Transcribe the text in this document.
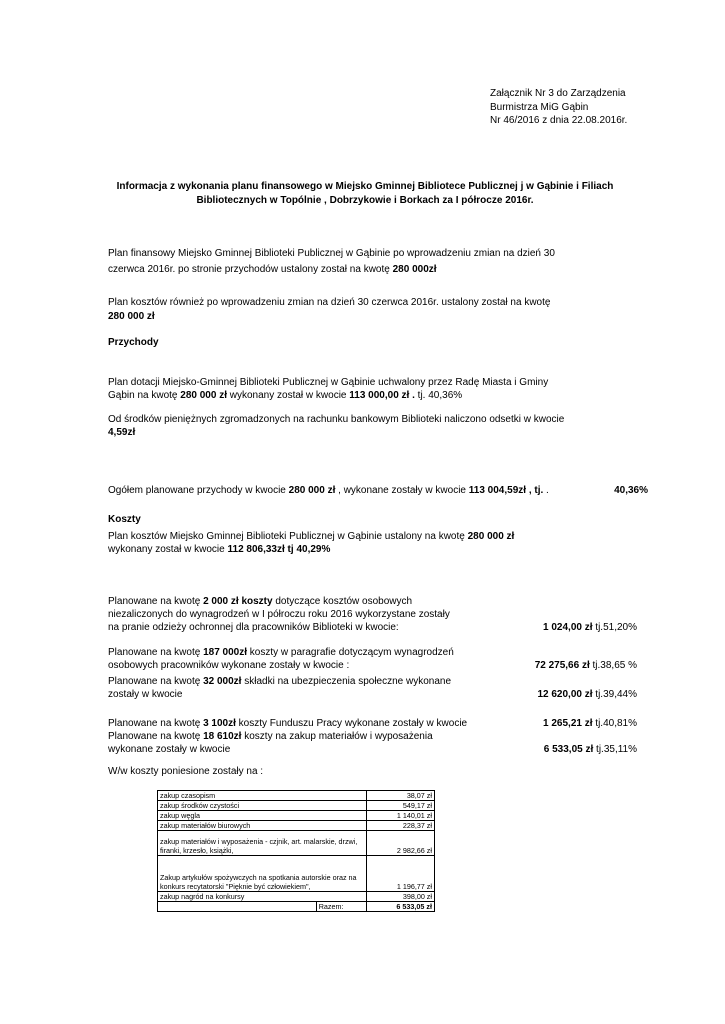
Załącznik Nr 3 do Zarządzenia
Burmistrza MiG Gąbin
Nr 46/2016 z dnia 22.08.2016r.
Informacja z wykonania planu finansowego w Miejsko Gminnej Bibliotece Publicznej j w Gąbinie i Filiach
Bibliotecznych w Topólnie , Dobrzykowie i Borkach za I półrocze 2016r.
Plan finansowy Miejsko Gminnej Biblioteki Publicznej w Gąbinie po wprowadzeniu zmian na dzień 30
czerwca 2016r. po stronie przychodów ustalony został na kwotę 280 000zł
Plan kosztów również po wprowadzeniu zmian na dzień 30 czerwca 2016r. ustalony został na kwotę
280 000 zł
Przychody
Plan dotacji Miejsko-Gminnej Biblioteki Publicznej w Gąbinie uchwalony przez Radę Miasta i Gminy
Gąbin na kwotę 280 000 zł wykonany został w kwocie 113 000,00 zł . tj. 40,36%
Od środków pieniężnych zgromadzonych na rachunku bankowym Biblioteki naliczono odsetki w kwocie
4,59zł
Ogółem planowane przychody w kwocie 280 000 zł , wykonane zostały w kwocie 113 004,59zł , tj. .	40,36%
Koszty
Plan kosztów Miejsko Gminnej Biblioteki Publicznej w Gąbinie ustalony na kwotę 280 000 zł
wykonany został w kwocie 112 806,33zł tj 40,29%
Planowane na kwotę 2 000 zł koszty dotyczące kosztów osobowych
niezaliczonych do wynagrodzeń w I półroczu roku 2016 wykorzystane zostały
na pranie odzieży ochronnej dla pracowników Biblioteki w kwocie:	1 024,00 zł tj.51,20%
Planowane na kwotę 187 000zł koszty w paragrafie dotyczącym wynagrodzeń
osobowych pracowników wykonane zostały w kwocie :	72 275,66 zł tj.38,65 %
Planowane na kwotę 32 000zł składki na ubezpieczenia społeczne wykonane
zostały w kwocie	12 620,00 zł tj.39,44%
Planowane na kwotę 3 100zł koszty Funduszu Pracy wykonane zostały w kwocie	1 265,21 zł tj.40,81%
Planowane na kwotę 18 610zł koszty na zakup materiałów i wyposażenia
wykonane zostały w kwocie	6 533,05 zł tj.35,11%
W/w koszty poniesione zostały na :
zakup czasopism	38,07 zł
zakup środków czystości	549,17 zł
zakup węgla	1 140,01 zł
zakup materiałów biurowych	228,37 zł
zakup materiałów i wyposażenia - czjnik, art. malarskie, drzwi, firanki, krzesło, książki,	2 982,66 zł
Zakup artykułów spożywczych na spotkania autorskie oraz na konkurs recytatorski "Pięknie być człowiekiem",	1 196,77 zł
zakup nagród na konkursy	398,00 zł
Razem:	6 533,05 zł
